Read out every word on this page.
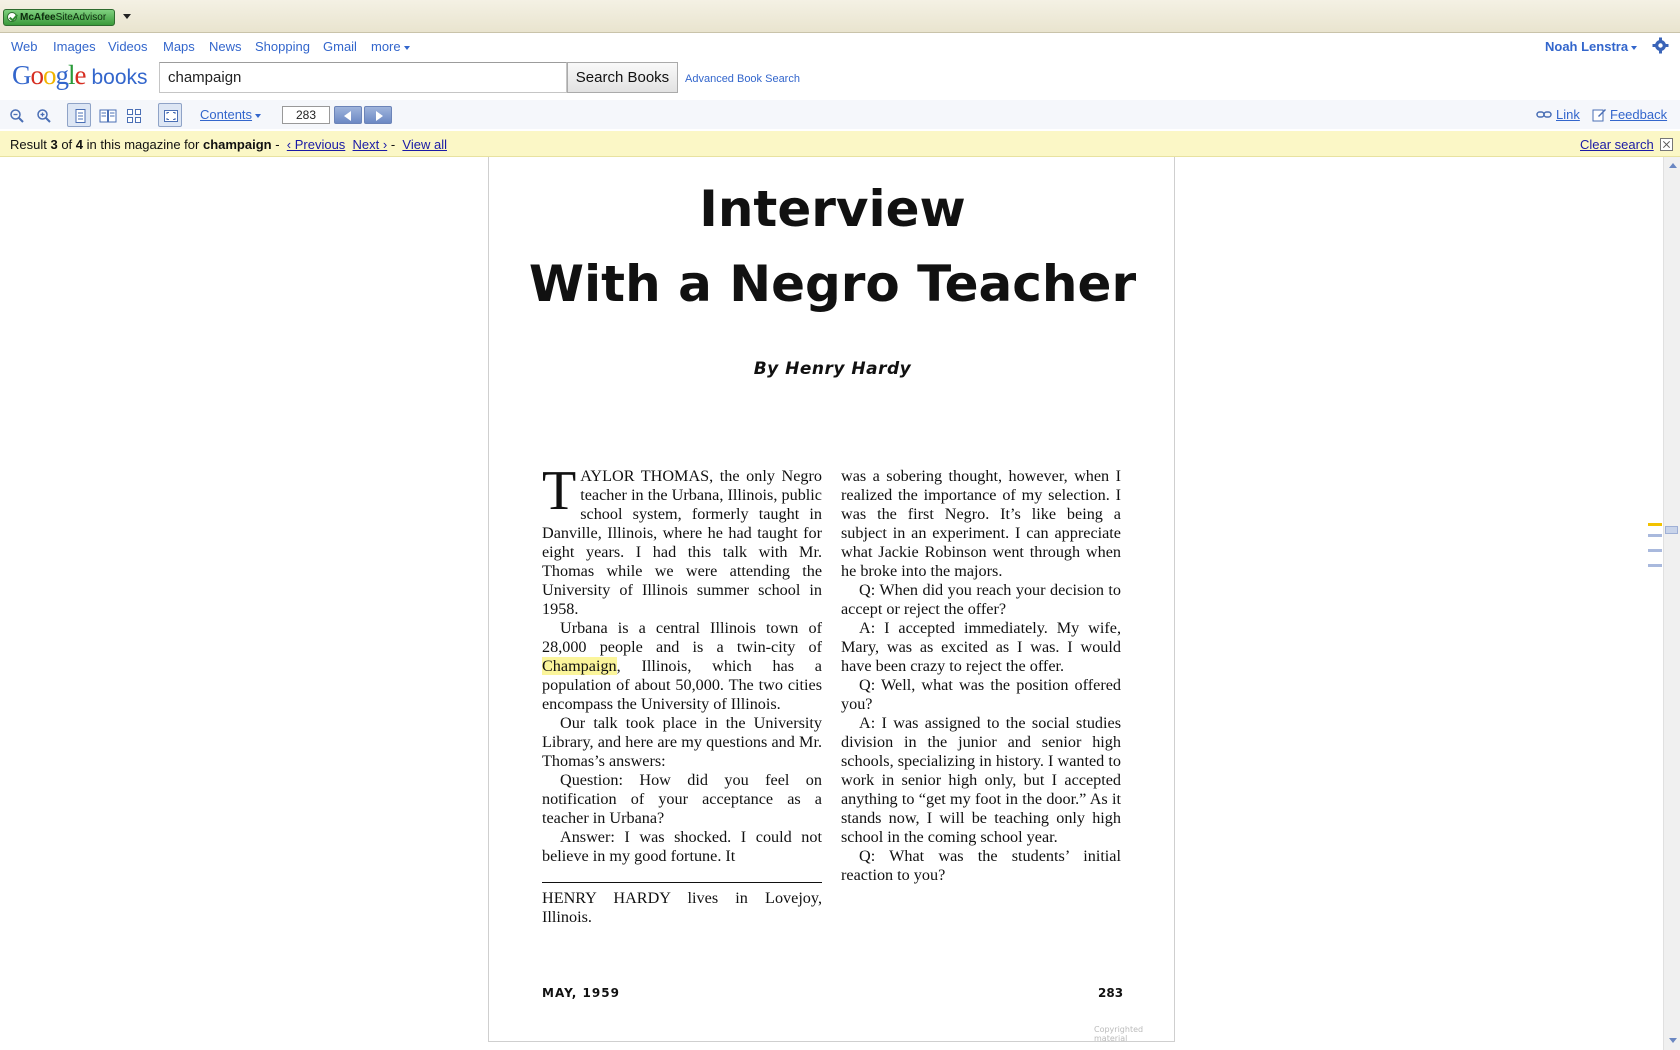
McAfeeSiteAdvisor
Web Images Videos Maps News Shopping Gmail more	Noah Lenstra
Google books
champaign	Search Books	Advanced Book Search
Contents
283	Link Feedback
Result 3 of 4 in this magazine for champaign -  ‹ Previous Next › -  View all	Clear search
Interview
With a Negro Teacher
By Henry Hardy

TAYLOR THOMAS, the only Negro teacher in the Urbana, Illinois, public school system, formerly taught in Danville, Illinois, where he had taught for eight years. I had this talk with Mr. Thomas while we were attending the University of Illinois summer school in 1958.

Urbana is a central Illinois town of 28,000 people and is a twin-city of Champaign, Illinois, which has a population of about 50,000. The two cities encompass the University of Illinois.

Our talk took place in the University Library, and here are my questions and Mr. Thomas’s answers:

Question: How did you feel on notification of your acceptance as a teacher in Urbana?

Answer: I was shocked. I could not believe in my good fortune. It

HENRY HARDY lives in Lovejoy, Illinois.

was a sobering thought, however, when I realized the importance of my selection. I was the first Negro. It’s like being a subject in an experiment. I can appreciate what Jackie Robinson went through when he broke into the majors.

Q: When did you reach your decision to accept or reject the offer?

A: I accepted immediately. My wife, Mary, was as excited as I was. I would have been crazy to reject the offer.

Q: Well, what was the position offered you?

A: I was assigned to the social studies division in the junior and senior high schools, specializing in history. I wanted to work in senior high only, but I accepted anything to “get my foot in the door.” As it stands now, I will be teaching only high school in the coming school year.

Q: What was the students’ initial reaction to you?

MAY, 1959	283
Copyrighted material
